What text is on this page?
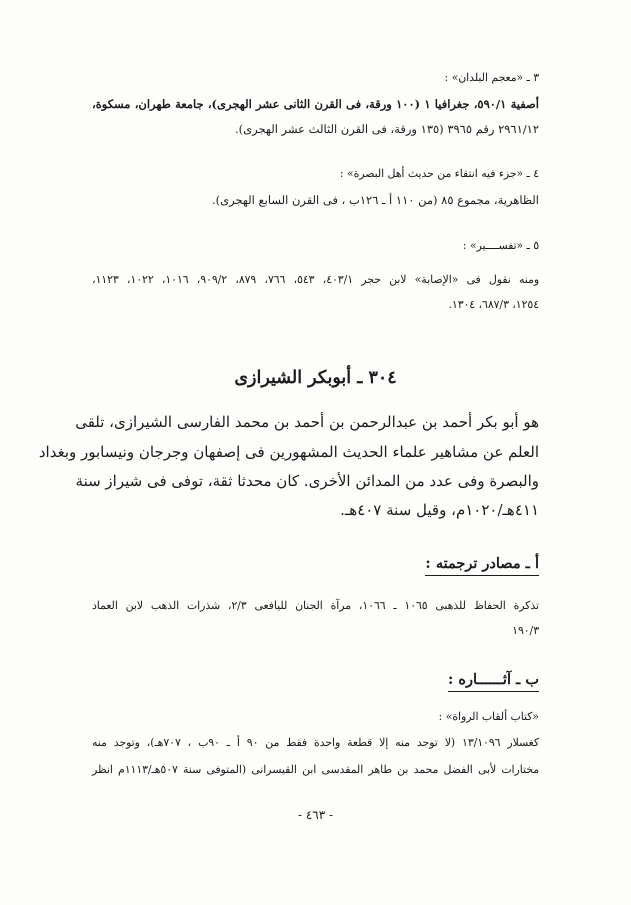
٣ ـ «معجم البلدان» :
أصفية ٥٩٠/١، جغرافيا ١ (١٠٠ ورقة، فى القرن الثانى عشر الهجرى)، جامعة طهران، مسكوة،
٢٩٦١/١٢ رقم ٣٩٦٥ (١٣٥ ورقة، فى القرن الثالث عشر الهجرى).
٤ ـ «جزء فيه انتقاء من حديث أهل البصرة» :
الظاهرية، مجموع ٨٥ (من ١١٠ أ ـ ١٢٦ب ، فى القرن السابع الهجرى).
٥ ـ «تفســــير» :
ومنه نقول فى «الإصابة» لابن حجر ٤٠٣/١، ٥٤٣، ٧٦٦، ٨٧٩، ٩٠٩/٢، ١٠١٦، ١٠٢٢، ١١٢٣،
١٢٥٤، ٦٨٧/٣، ١٣٠٤.
٣٠٤ ـ أبوبكر الشيرازى
هو أبو بكر أحمد بن عبدالرحمن بن أحمد بن محمد الفارسى الشيرازى، تلقى
العلم عن مشاهير علماء الحديث المشهورين فى إصفهان وجرجان ونيسابور وبغداد
والبصرة وفى عدد من المدائن الأخرى. كان محدثا ثقة، توفى فى شيراز سنة
٤١١هـ/١٠٢٠م، وقيل سنة ٤٠٧هـ.
أ ـ مصادر ترجمته :
تذكرة الحفاظ للذهبى ١٠٦٥ ـ ١٠٦٦، مرآة الجنان لليافعى ٢/٣، شذرات الذهب لابن العماد
١٩٠/٣
ب ـ آثــــــاره :
«كتاب ألقاب الرواة» :
كغسلار ١٣/١٠٩٦ (لا توجد منه إلا قطعة واحدة فقط من ٩٠ أ ـ ٩٠ب ، ٧٠٧هـ)، وتوجد منه
مختارات لأبى الفضل محمد بن طاهر المقدسى ابن القيسرانى (المتوفى سنة ٥٠٧هـ/١١١٣م انظر
- ٤٦٣ -
